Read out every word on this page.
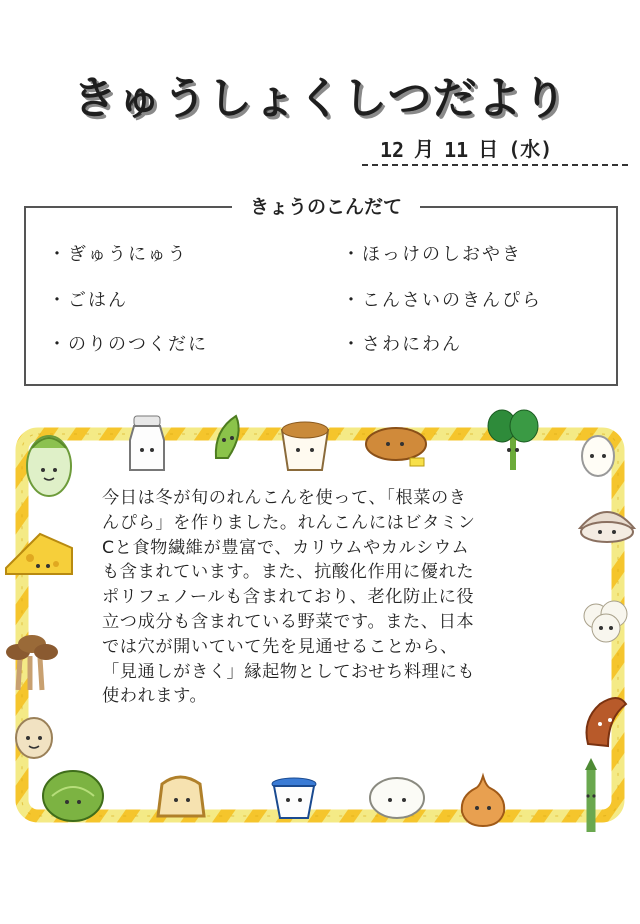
きゅうしょくしつだより
12 月 11 日 (水)
きょうのこんだて
・ぎゅうにゅう
・ごはん
・のりのつくだに
・ほっけのしおやき
・こんさいのきんぴら
・さわにわん
今日は冬が旬のれんこんを使って、「根菜のき
んぴら」を作りました。れんこんにはビタミン
Cと食物繊維が豊富で、カリウムやカルシウム
も含まれています。また、抗酸化作用に優れた
ポリフェノールも含まれており、老化防止に役
立つ成分も含まれている野菜です。また、日本
では穴が開いていて先を見通せることから、
「見通しがきく」縁起物としておせち料理にも
使われます。
